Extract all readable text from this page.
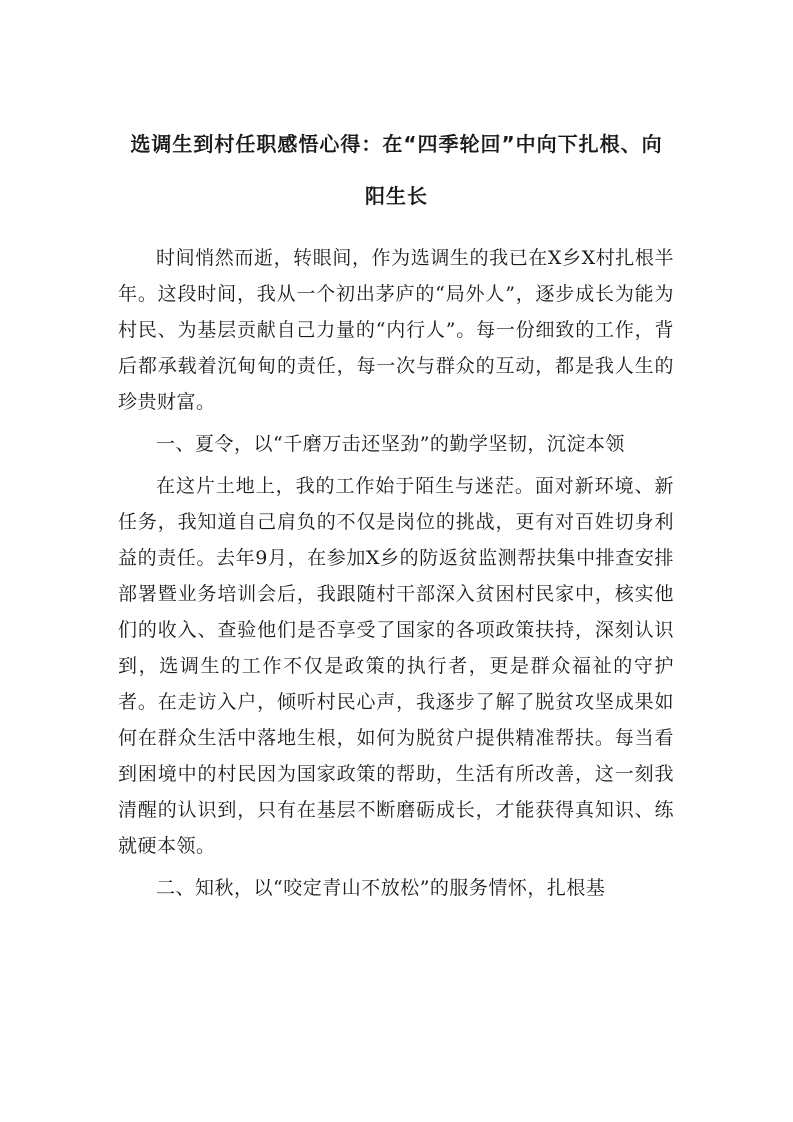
选调生到村任职感悟心得：在“四季轮回”中向下扎根、向
阳生长

时间悄然而逝，转眼间，作为选调生的我已在X乡X村扎根半年。这段时间，我从一个初出茅庐的“局外人”，逐步成长为能为村民、为基层贡献自己力量的“内行人”。每一份细致的工作，背后都承载着沉甸甸的责任，每一次与群众的互动，都是我人生的珍贵财富。

一、夏令，以“千磨万击还坚劲”的勤学坚韧，沉淀本领

在这片土地上，我的工作始于陌生与迷茫。面对新环境、新任务，我知道自己肩负的不仅是岗位的挑战，更有对百姓切身利益的责任。去年9月，在参加X乡的防返贫监测帮扶集中排查安排部署暨业务培训会后，我跟随村干部深入贫困村民家中，核实他们的收入、查验他们是否享受了国家的各项政策扶持，深刻认识到，选调生的工作不仅是政策的执行者，更是群众福祉的守护者。在走访入户，倾听村民心声，我逐步了解了脱贫攻坚成果如何在群众生活中落地生根，如何为脱贫户提供精准帮扶。每当看到困境中的村民因为国家政策的帮助，生活有所改善，这一刻我清醒的认识到，只有在基层不断磨砺成长，才能获得真知识、练就硬本领。

二、知秋，以“咬定青山不放松”的服务情怀，扎根基
